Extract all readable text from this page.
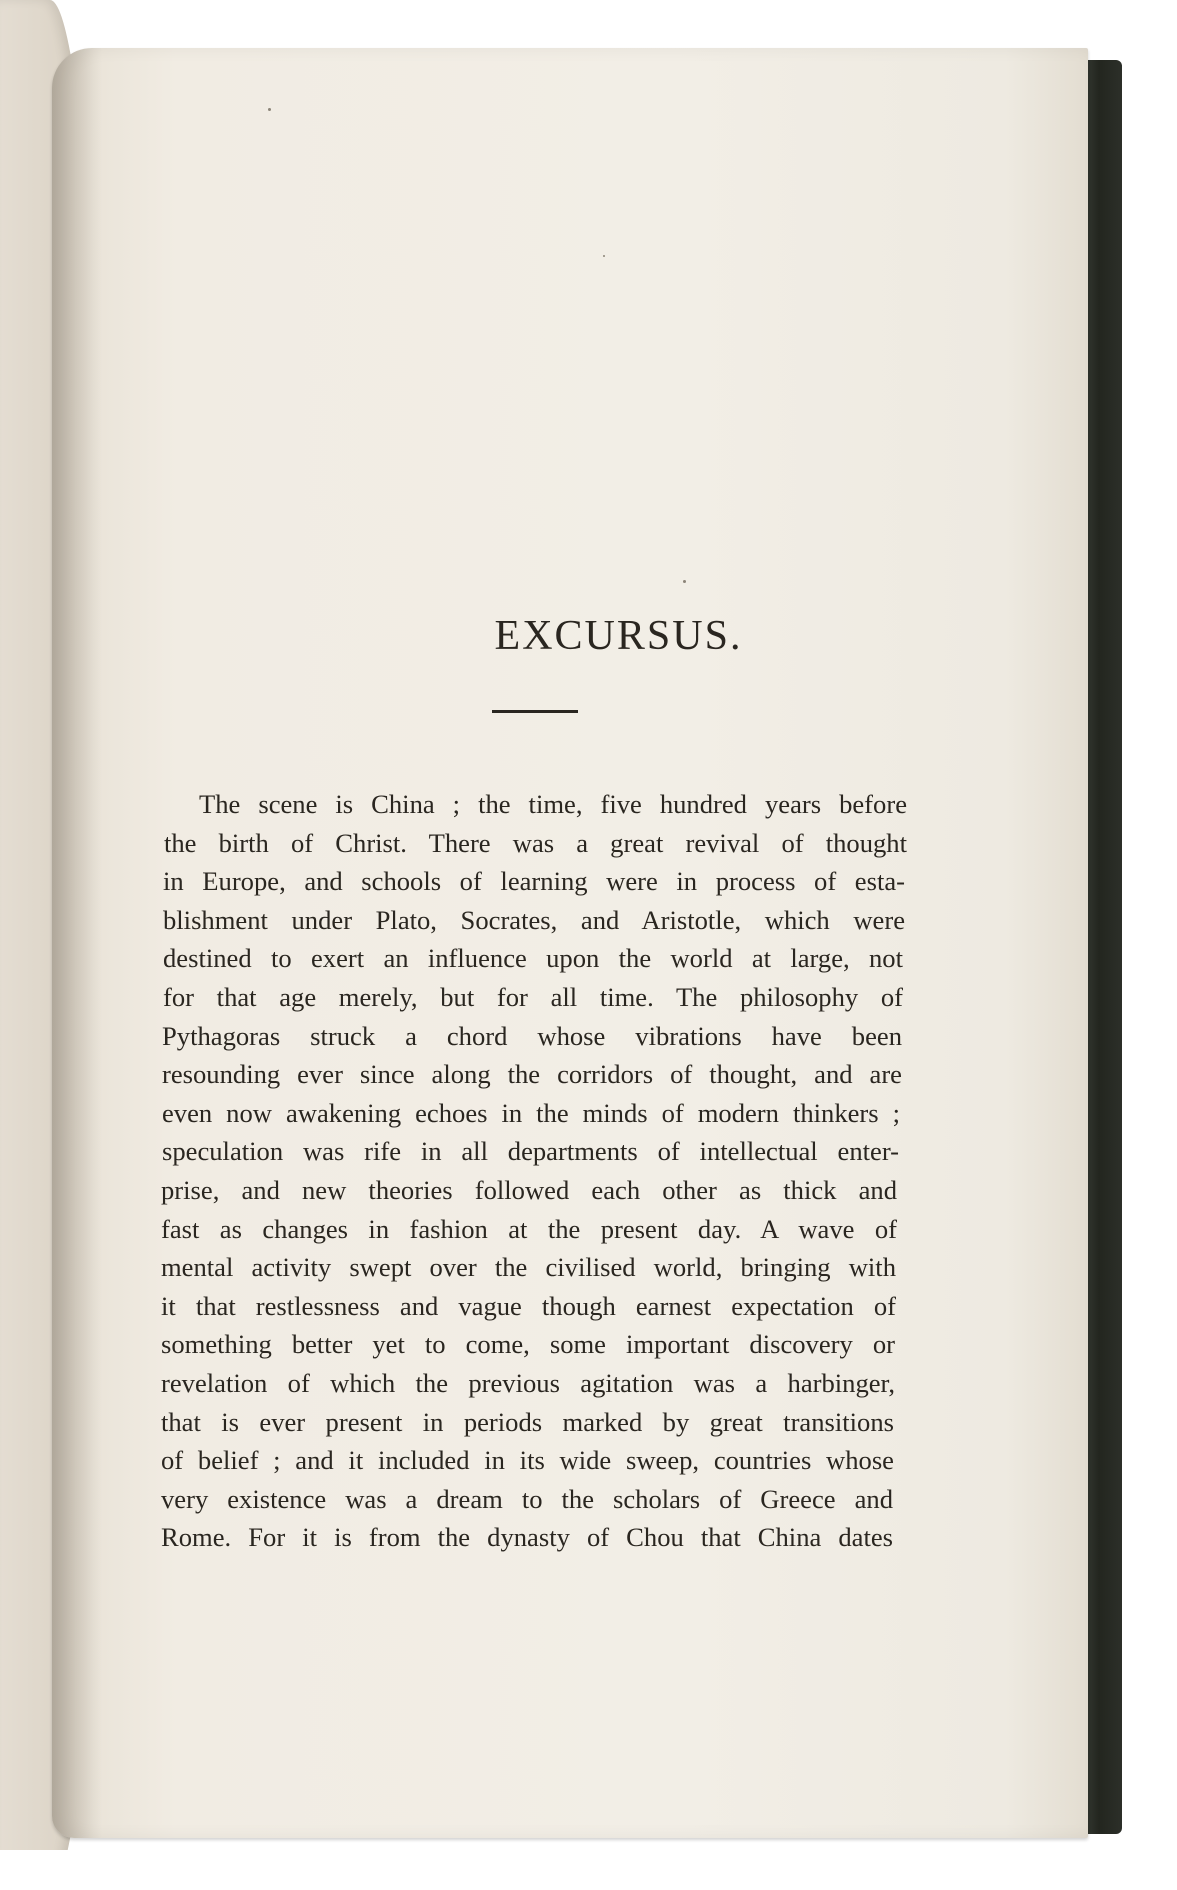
EXCURSUS.
The scene is China ; the time, five hundred years before
the birth of Christ. There was a great revival of thought
in Europe, and schools of learning were in process of esta-
blishment under Plato, Socrates, and Aristotle, which were
destined to exert an influence upon the world at large, not
for that age merely, but for all time. The philosophy of
Pythagoras struck a chord whose vibrations have been
resounding ever since along the corridors of thought, and are
even now awakening echoes in the minds of modern thinkers ;
speculation was rife in all departments of intellectual enter-
prise, and new theories followed each other as thick and
fast as changes in fashion at the present day. A wave of
mental activity swept over the civilised world, bringing with
it that restlessness and vague though earnest expectation of
something better yet to come, some important discovery or
revelation of which the previous agitation was a harbinger,
that is ever present in periods marked by great transitions
of belief ; and it included in its wide sweep, countries whose
very existence was a dream to the scholars of Greece and
Rome. For it is from the dynasty of Chou that China dates
